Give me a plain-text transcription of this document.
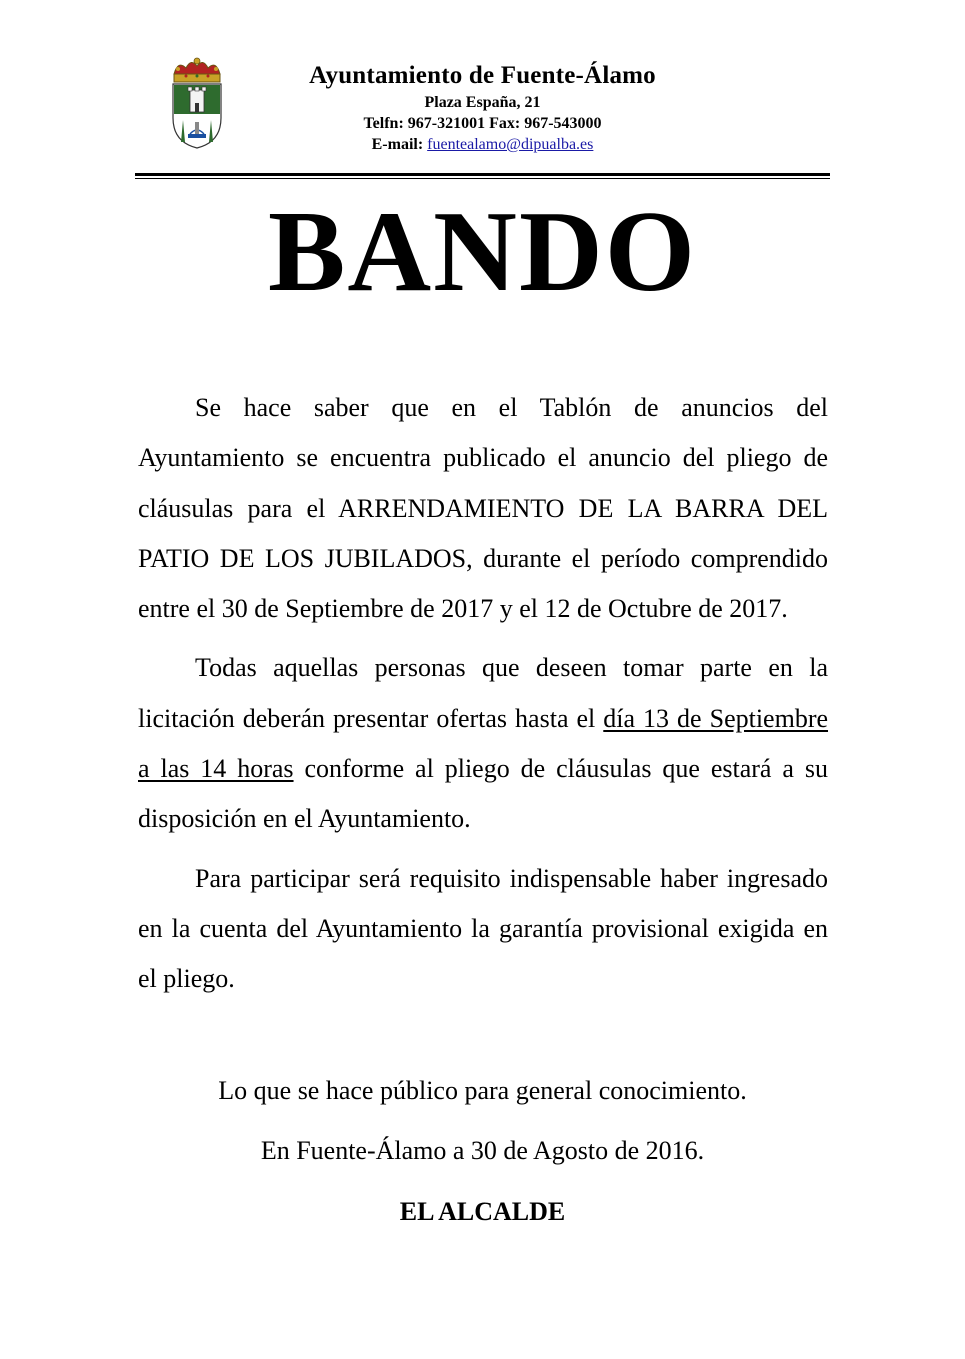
Ayuntamiento de Fuente-Álamo
Plaza España, 21
Telfn: 967-321001 Fax: 967-543000
E-mail: fuentealamo@dipualba.es
BANDO

Se hace saber que en el Tablón de anuncios del Ayuntamiento se encuentra publicado el anuncio del pliego de cláusulas para el ARRENDAMIENTO DE LA BARRA DEL PATIO DE LOS JUBILADOS, durante el período comprendido entre el 30 de Septiembre de 2017 y el 12 de Octubre de 2017.

Todas aquellas personas que deseen tomar parte en la licitación deberán presentar ofertas hasta el día 13 de Septiembre a las 14 horas conforme al pliego de cláusulas que estará a su disposición en el Ayuntamiento.

Para participar será requisito indispensable haber ingresado en la cuenta del Ayuntamiento la garantía provisional exigida en el pliego.

Lo que se hace público para general conocimiento.
En Fuente-Álamo a 30 de Agosto de 2016.
EL ALCALDE
